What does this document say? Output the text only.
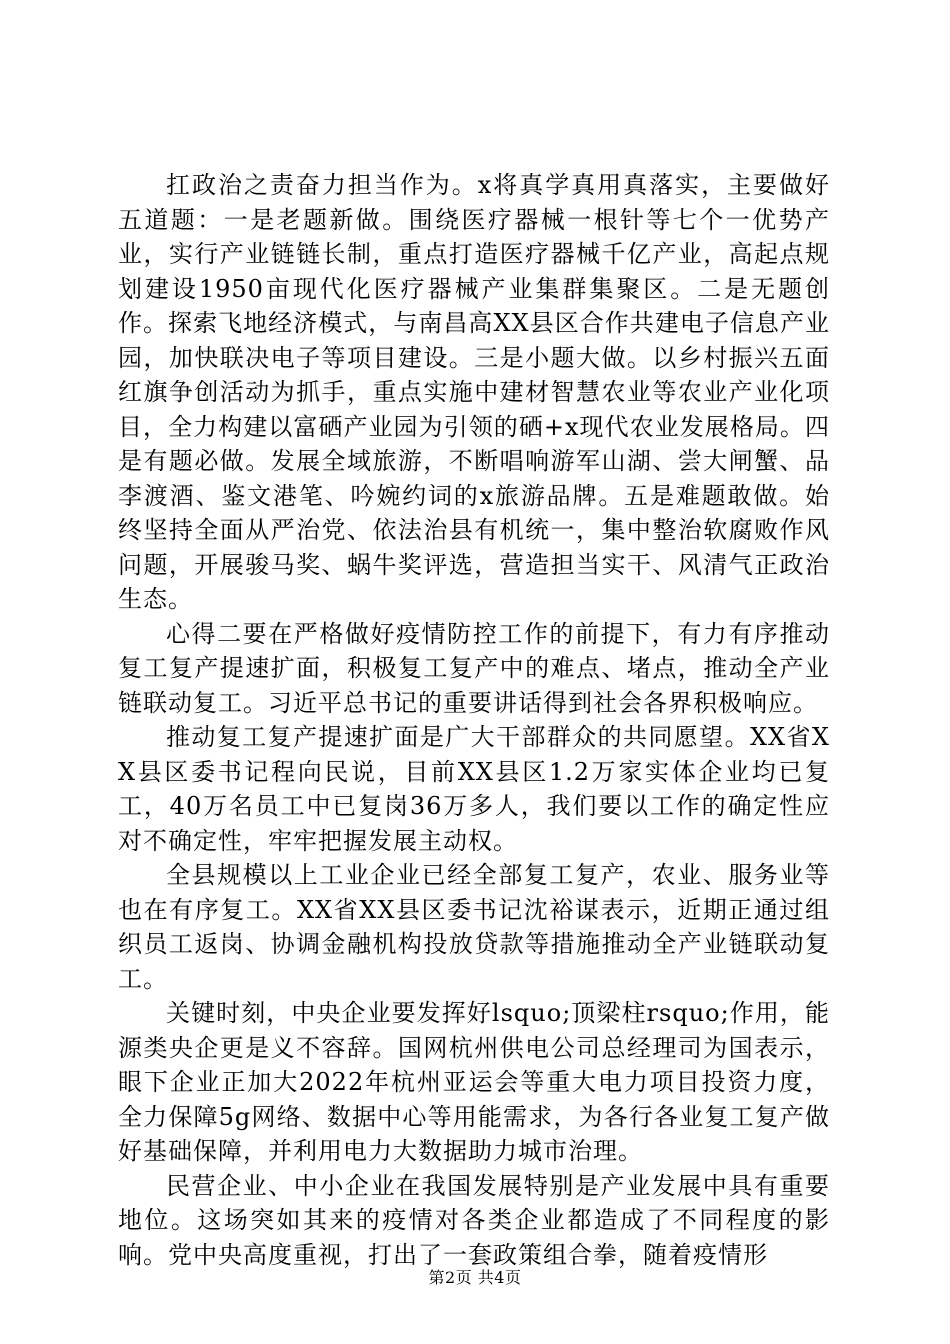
扛政治之责奋力担当作为。x将真学真用真落实，主要做好五道题：一是老题新做。围绕医疗器械一根针等七个一优势产业，实行产业链链长制，重点打造医疗器械千亿产业，高起点规划建设1950亩现代化医疗器械产业集群集聚区。二是无题创作。探索飞地经济模式，与南昌高XX县区合作共建电子信息产业园，加快联决电子等项目建设。三是小题大做。以乡村振兴五面红旗争创活动为抓手，重点实施中建材智慧农业等农业产业化项目，全力构建以富硒产业园为引领的硒+x现代农业发展格局。四是有题必做。发展全域旅游，不断唱响游军山湖、尝大闸蟹、品李渡酒、鉴文港笔、吟婉约词的x旅游品牌。五是难题敢做。始终坚持全面从严治党、依法治县有机统一，集中整治软腐败作风问题，开展骏马奖、蜗牛奖评选，营造担当实干、风清气正政治生态。

心得二要在严格做好疫情防控工作的前提下，有力有序推动复工复产提速扩面，积极复工复产中的难点、堵点，推动全产业链联动复工。习近平总书记的重要讲话得到社会各界积极响应。

推动复工复产提速扩面是广大干部群众的共同愿望。XX省XX县区委书记程向民说，目前XX县区1.2万家实体企业均已复工，40万名员工中已复岗36万多人，我们要以工作的确定性应对不确定性，牢牢把握发展主动权。

全县规模以上工业企业已经全部复工复产，农业、服务业等也在有序复工。XX省XX县区委书记沈裕谋表示，近期正通过组织员工返岗、协调金融机构投放贷款等措施推动全产业链联动复工。

关键时刻，中央企业要发挥好lsquo;顶梁柱rsquo;作用，能源类央企更是义不容辞。国网杭州供电公司总经理司为国表示，眼下企业正加大2022年杭州亚运会等重大电力项目投资力度，全力保障5g网络、数据中心等用能需求，为各行各业复工复产做好基础保障，并利用电力大数据助力城市治理。

民营企业、中小企业在我国发展特别是产业发展中具有重要地位。这场突如其来的疫情对各类企业都造成了不同程度的影响。党中央高度重视，打出了一套政策组合拳，随着疫情形

第2页 共4页
